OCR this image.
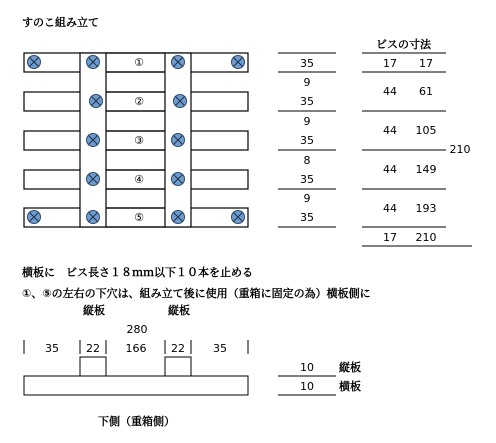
すのこ組み立て
①
②
③
④
⑤
35
9
35
9
35
8
35
9
35
ビスの寸法
17	17
44	61
44	105
44	149
44	193
17	210
210
横板に　ビス長さ１８ｍｍ以下１０本を止める
①、⑤の左右の下穴は、組み立て後に使用（重箱に固定の為）横板側に
縦板	縦板
280
35	22	166	22	35
10	縦板
10	横板
下側（重箱側）
